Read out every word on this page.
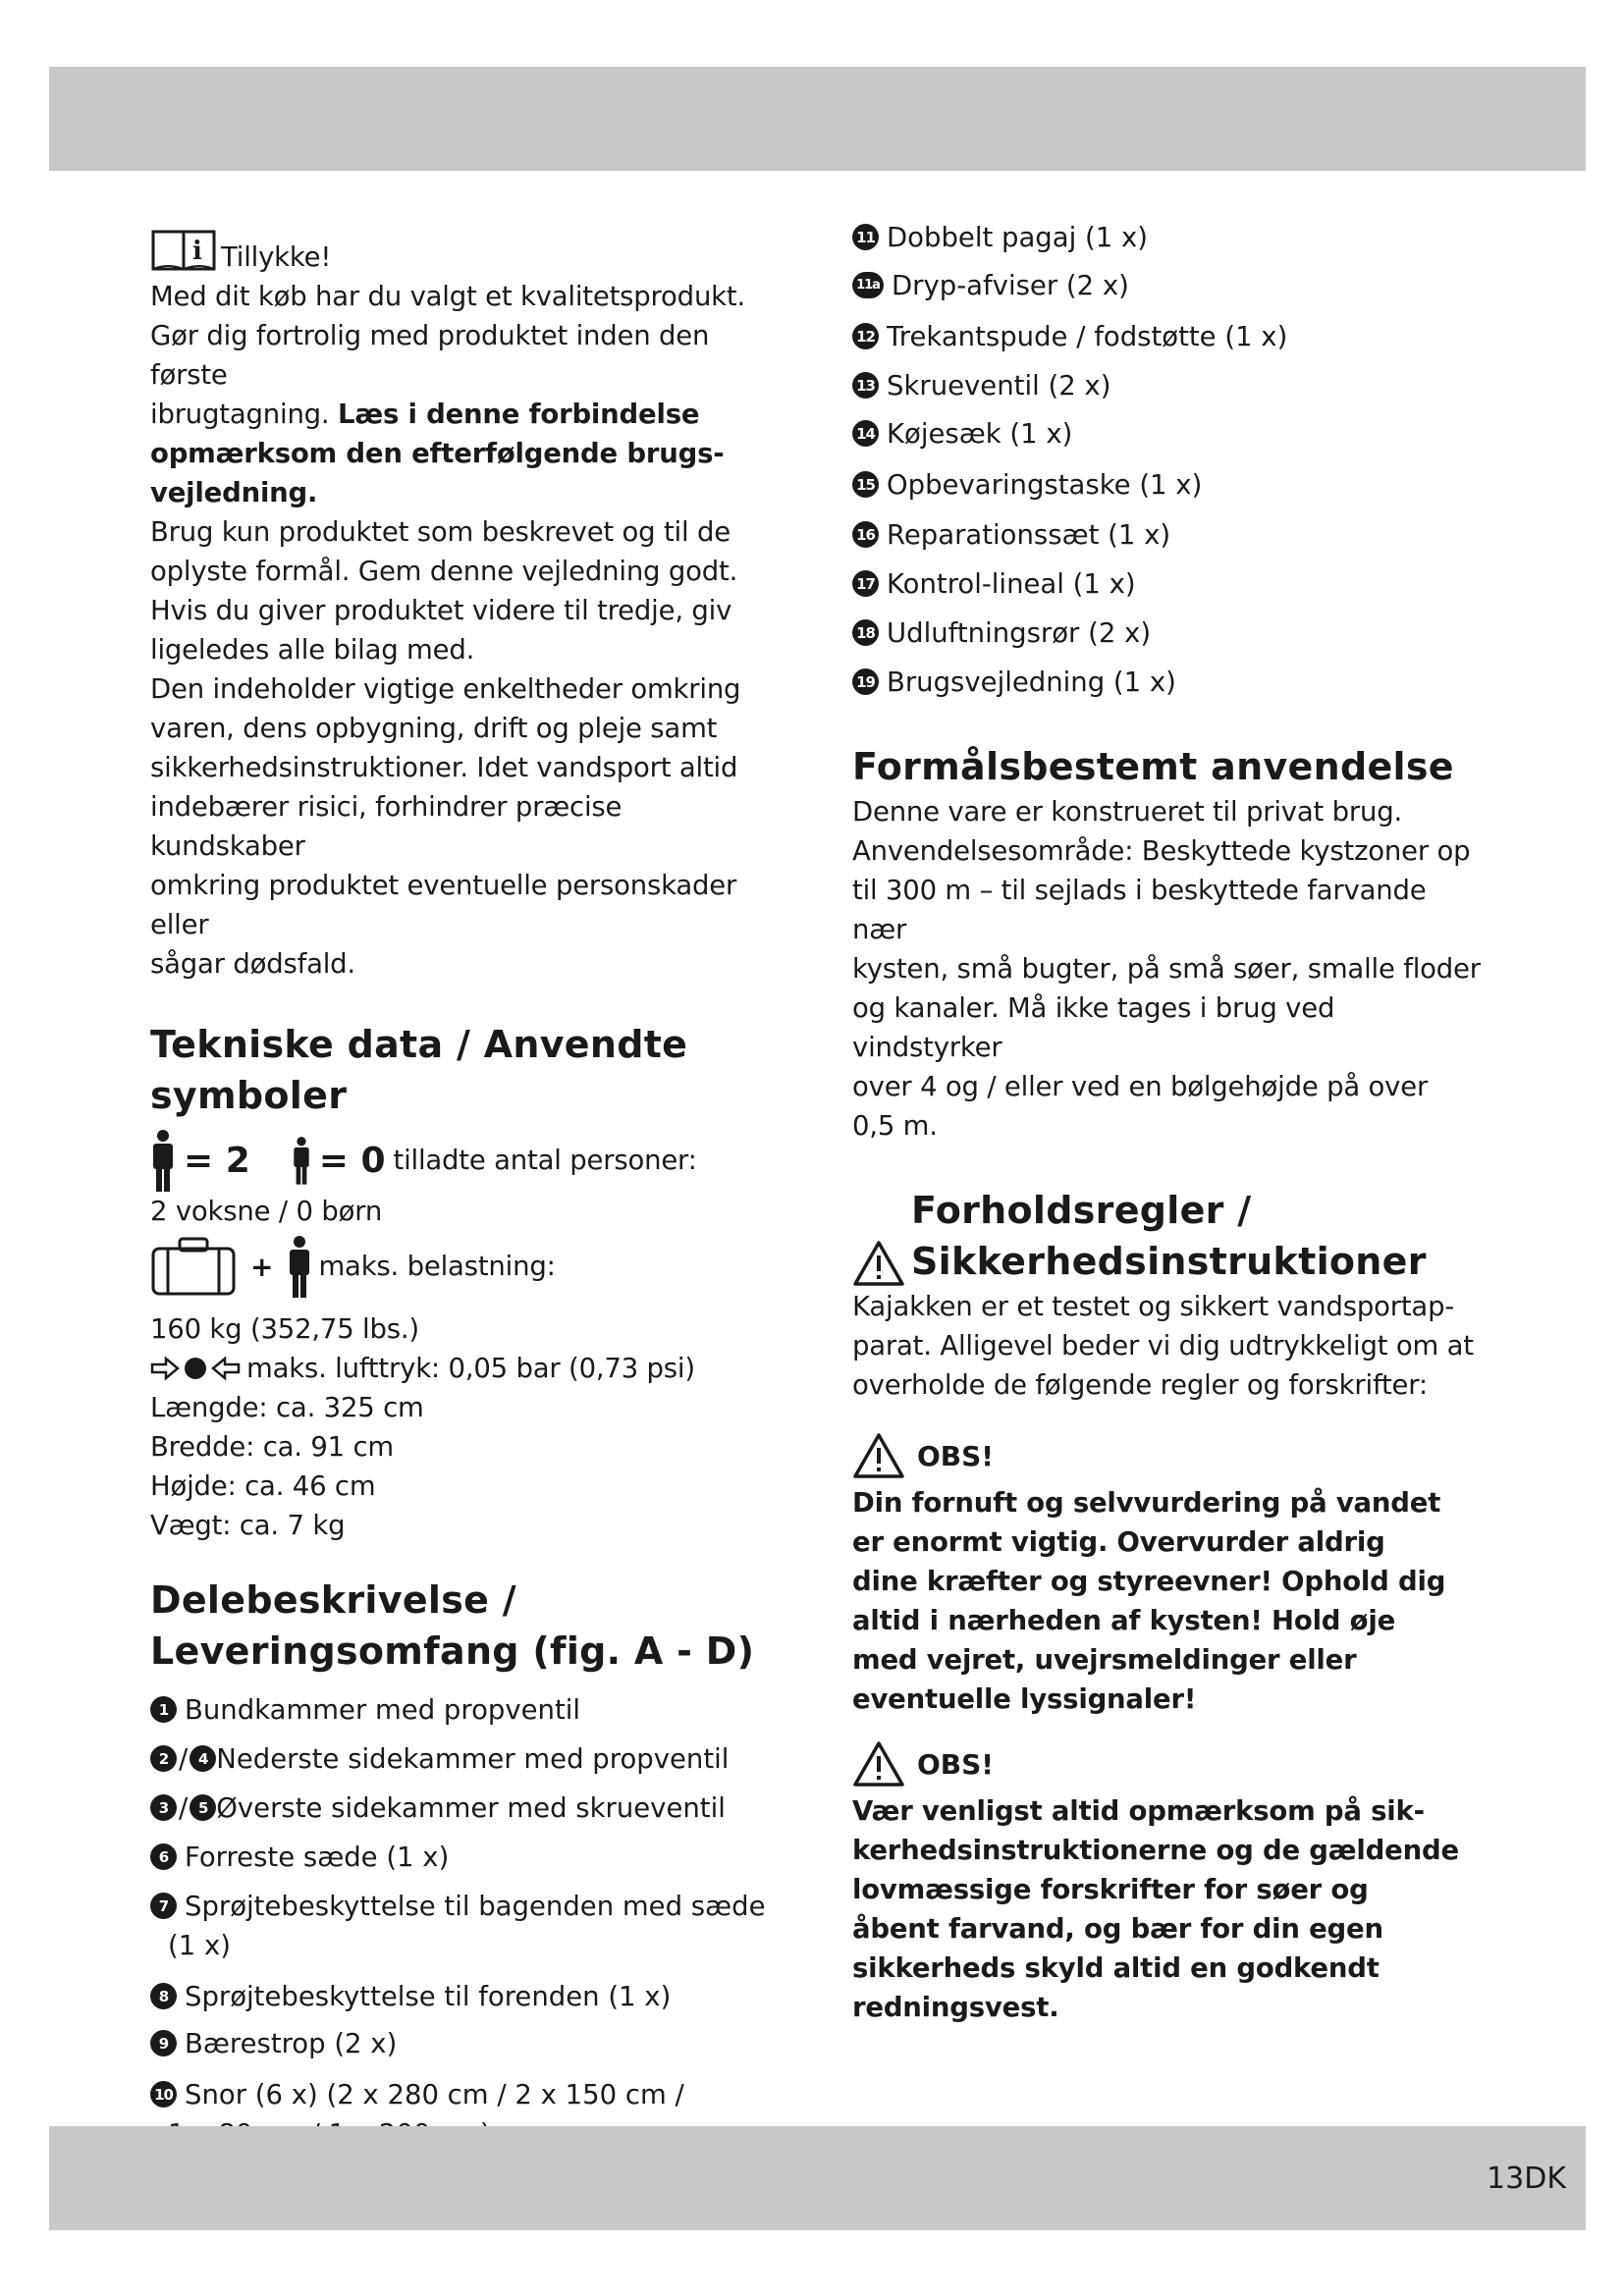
i Tillykke!

Med dit køb har du valgt et kvalitetsprodukt.

Gør dig fortrolig med produktet inden den første

ibrugtagning. Læs i denne forbindelse

opmærksom den efterfølgende brugs-

vejledning.

Brug kun produktet som beskrevet og til de

oplyste formål. Gem denne vejledning godt.

Hvis du giver produktet videre til tredje, giv

ligeledes alle bilag med.

Den indeholder vigtige enkeltheder omkring

varen, dens opbygning, drift og pleje samt

sikkerhedsinstruktioner. Idet vandsport altid

indebærer risici, forhindrer præcise kundskaber

omkring produktet eventuelle personskader eller

sågar dødsfald.

Tekniske data / Anvendte
symboler
= 2 = 0 tilladte antal personer:

2 voksne / 0 børn

+ maks. belastning:

160 kg (352,75 lbs.)

maks. lufttryk: 0,05 bar (0,73 psi)

Længde: ca. 325 cm

Bredde: ca. 91 cm

Højde: ca. 46 cm

Vægt: ca. 7 kg

Delebeskrivelse /
Leveringsomfang (fig. A - D)
1 Bundkammer med propventil
2 / 4 Nederste sidekammer med propventil
3 / 5 Øverste sidekammer med skrueventil
6 Forreste sæde (1 x)
7 Sprøjtebeskyttelse til bagenden med sæde
(1 x)
8 Sprøjtebeskyttelse til forenden (1 x)
9 Bærestrop (2 x)
10 Snor (6 x) (2 x 280 cm / 2 x 150 cm /
11 Dobbelt pagaj (1 x)
11a Dryp-afviser (2 x)
12 Trekantspude / fodstøtte (1 x)
13 Skrueventil (2 x)
14 Køjesæk (1 x)
15 Opbevaringstaske (1 x)
16 Reparationssæt (1 x)
17 Kontrol-lineal (1 x)
18 Udluftningsrør (2 x)
19 Brugsvejledning (1 x)
Formålsbestemt anvendelse

Denne vare er konstrueret til privat brug.

Anvendelsesområde: Beskyttede kystzoner op

til 300 m – til sejlads i beskyttede farvande nær

kysten, små bugter, på små søer, smalle floder

og kanaler. Må ikke tages i brug ved vindstyrker

over 4 og / eller ved en bølgehøjde på over

0,5 m.

Forholdsregler /
Sikkerhedsinstruktioner

Kajakken er et testet og sikkert vandsportap-

parat. Alligevel beder vi dig udtrykkeligt om at

overholde de følgende regler og forskrifter:

OBS!

Din fornuft og selvvurdering på vandet

er enormt vigtig. Overvurder aldrig

dine kræfter og styreevner! Ophold dig

altid i nærheden af kysten! Hold øje

med vejret, uvejrsmeldinger eller

eventuelle lyssignaler!

OBS!

Vær venligst altid opmærksom på sik-

kerhedsinstruktionerne og de gældende

lovmæssige forskrifter for søer og

åbent farvand, og bær for din egen

sikkerheds skyld altid en godkendt

redningsvest.

13DK
